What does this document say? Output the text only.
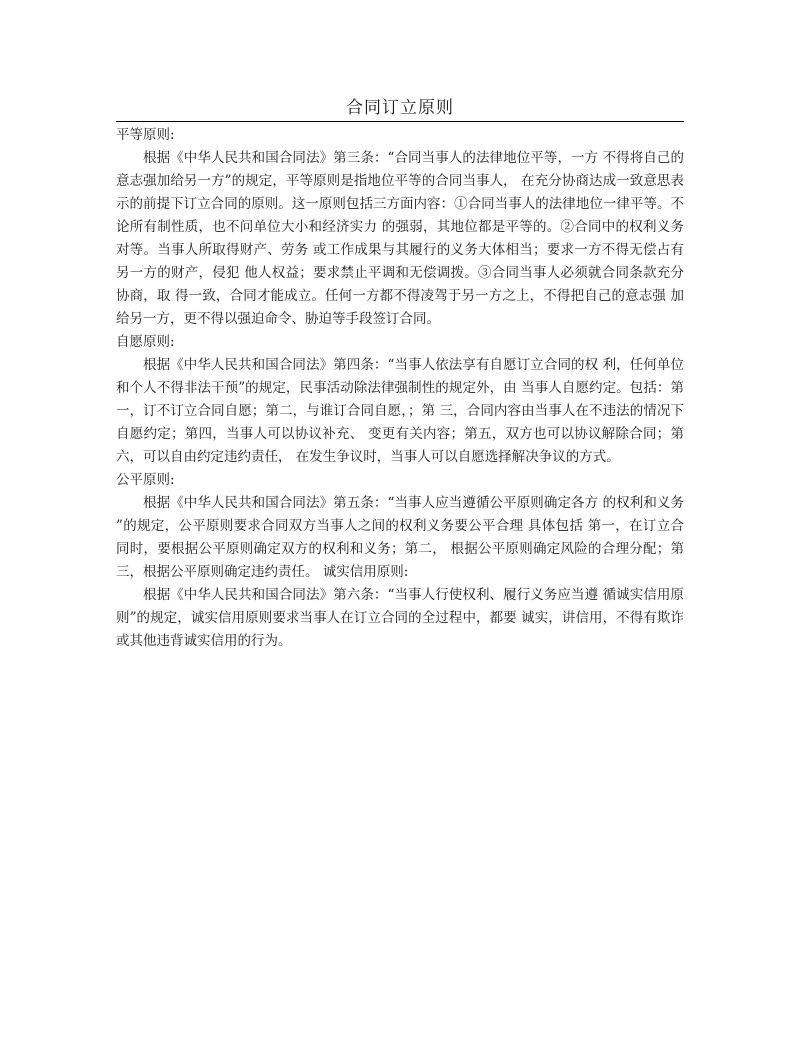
合同订立原则
平等原则:

根据《中华人民共和国合同法》第三条：“合同当事人的法律地位平等，一方 不得将自己的意志强加给另一方”的规定，平等原则是指地位平等的合同当事人， 在充分协商达成一致意思表示的前提下订立合同的原则。这一原则包括三方面内容：①合同当事人的法律地位一律平等。不论所有制性质，也不问单位大小和经济实力 的强弱，其地位都是平等的。②合同中的权利义务对等。当事人所取得财产、劳务 或工作成果与其履行的义务大体相当；要求一方不得无偿占有另一方的财产，侵犯 他人权益；要求禁止平调和无偿调拨。③合同当事人必须就合同条款充分协商，取 得一致，合同才能成立。任何一方都不得凌驾于另一方之上，不得把自己的意志强 加给另一方，更不得以强迫命令、胁迫等手段签订合同。

自愿原则:

根据《中华人民共和国合同法》第四条：“当事人依法享有自愿订立合同的权 利，任何单位和个人不得非法干预”的规定，民事活动除法律强制性的规定外，由 当事人自愿约定。包括：第一，订不订立合同自愿；第二，与谁订合同自愿，；第 三，合同内容由当事人在不违法的情况下自愿约定；第四，当事人可以协议补充、 变更有关内容；第五，双方也可以协议解除合同；第六，可以自由约定违约责任， 在发生争议时，当事人可以自愿选择解决争议的方式。

公平原则:

根据《中华人民共和国合同法》第五条：“当事人应当遵循公平原则确定各方 的权利和义务”的规定，公平原则要求合同双方当事人之间的权利义务要公平合理 具体包括 第一，在订立合同时，要根据公平原则确定双方的权利和义务；第二， 根据公平原则确定风险的合理分配；第三，根据公平原则确定违约责任。 诚实信用原则:

根据《中华人民共和国合同法》第六条：“当事人行使权利、履行义务应当遵 循诚实信用原则”的规定，诚实信用原则要求当事人在订立合同的全过程中，都要 诚实，讲信用，不得有欺诈或其他违背诚实信用的行为。
